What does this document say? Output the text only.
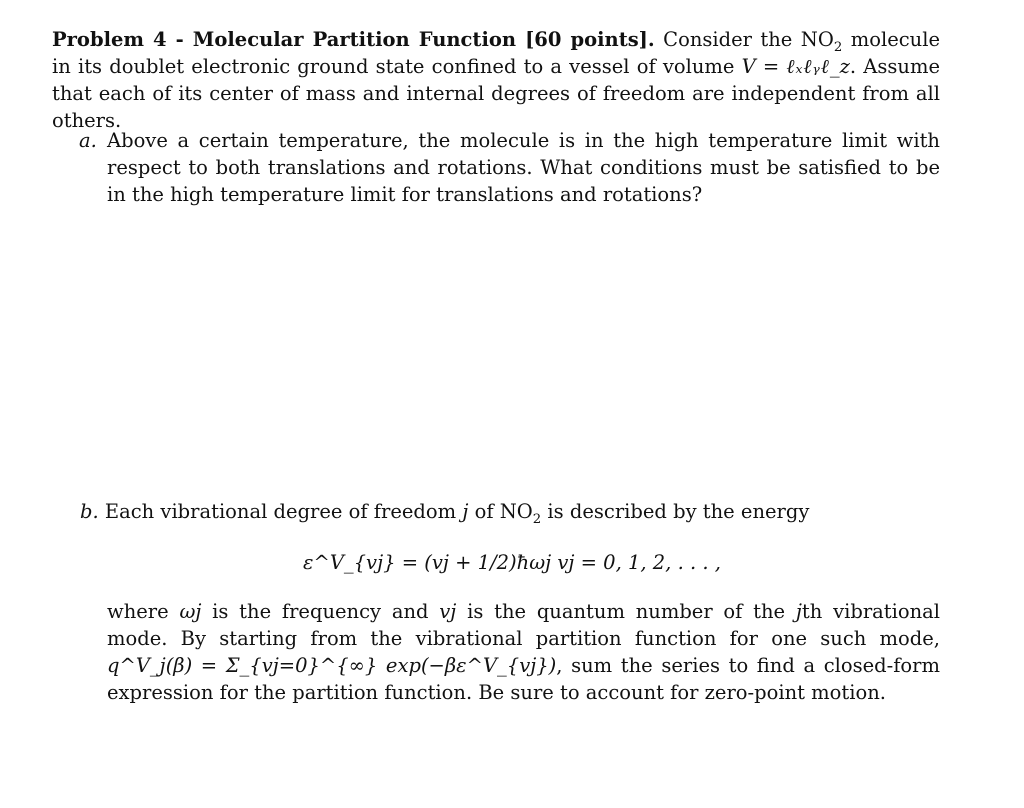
Problem 4 - Molecular Partition Function [60 points]. Consider the $NO_2$ molecule in its doublet electronic ground state confined to a vessel of volume V = ℓₓℓᵧℓ_z. Assume that each of its center of mass and internal degrees of freedom are independent from all others.
a. Above a certain temperature, the molecule is in the high temperature limit with respect to both translations and rotations. What conditions must be satisfied to be in the high temperature limit for translations and rotations?
b. Each vibrational degree of freedom j of $NO_2$ is described by the energy
ε^V_{vj} = (vj + 1/2)ħωj vj = 0, 1, 2, . . . ,
where ωj is the frequency and vj is the quantum number of the jth vibrational mode. By starting from the vibrational partition function for one such mode, q^V_j(β) = Σ_{vj=0}^{∞} exp(−βε^V_{vj}), sum the series to find a closed-form expression for the partition function. Be sure to account for zero-point motion.
